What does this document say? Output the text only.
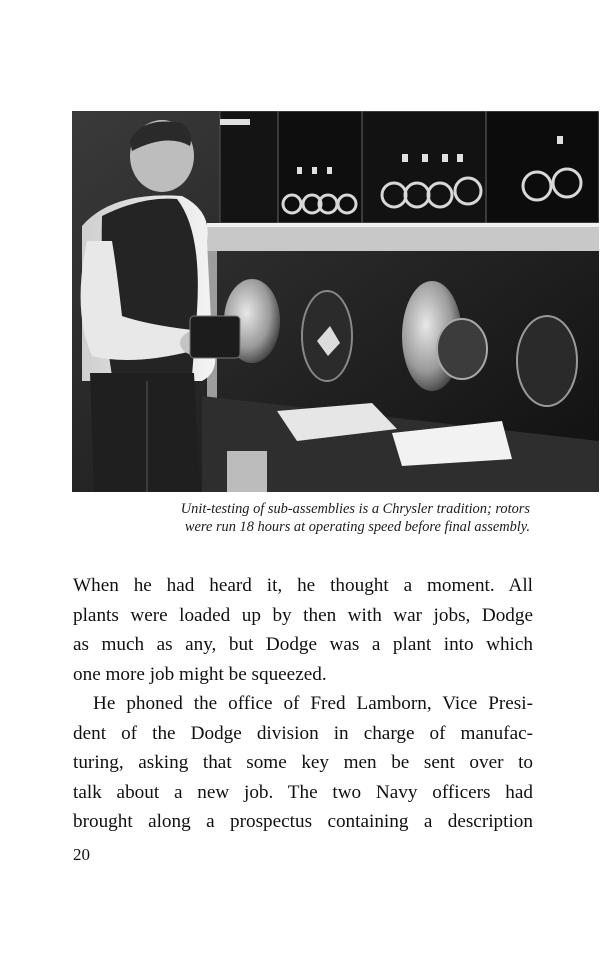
Unit-testing of sub-assemblies is a Chrysler tradition; rotors

were run 18 hours at operating speed before final assembly.

When he had heard it, he thought a moment. All
plants were loaded up by then with war jobs, Dodge
as much as any, but Dodge was a plant into which
one more job might be squeezed.

He phoned the office of Fred Lamborn, Vice Presi-
dent of the Dodge division in charge of manufac-
turing, asking that some key men be sent over to
talk about a new job. The two Navy officers had
brought along a prospectus containing a description

20
